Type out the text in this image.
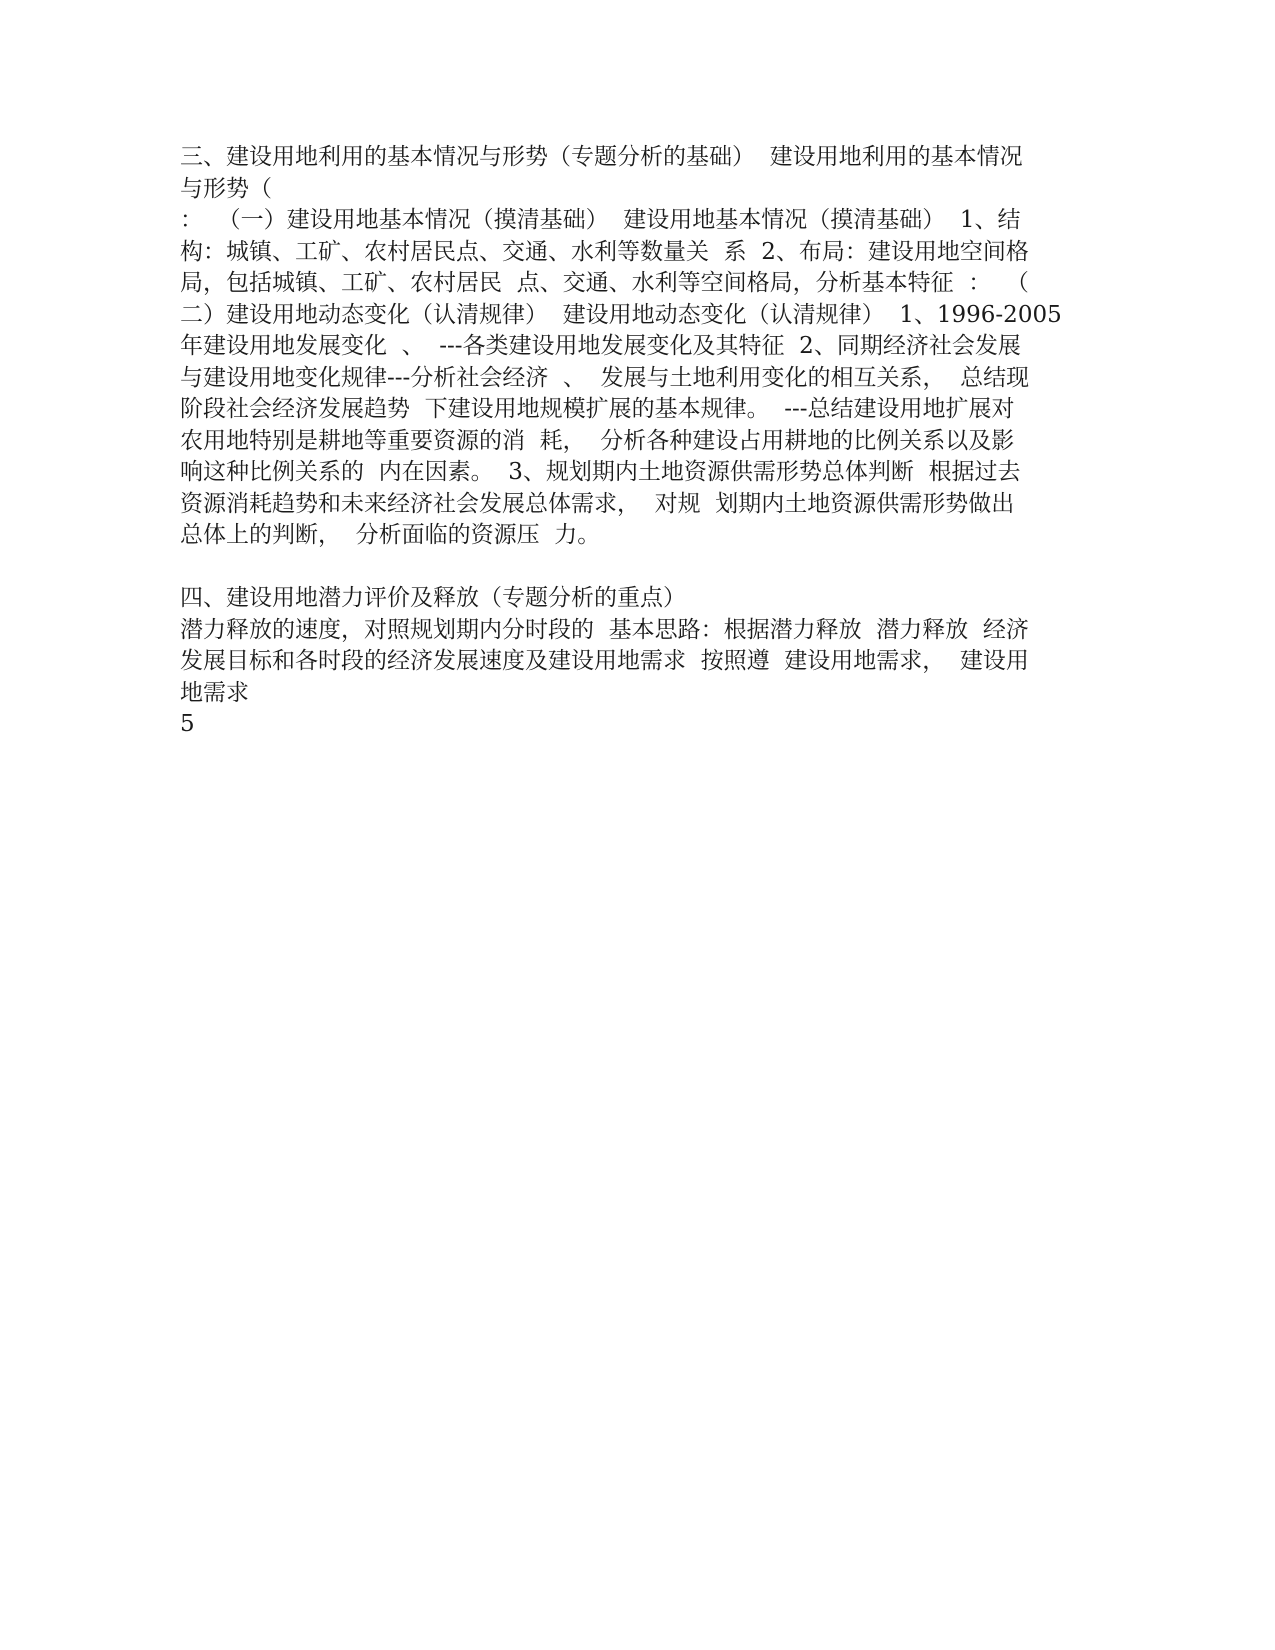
三、建设用地利用的基本情况与形势（专题分析的基础）  建设用地利用的基本情况
与形势（
：  （一）建设用地基本情况（摸清基础）  建设用地基本情况（摸清基础）  1、结
构：城镇、工矿、农村居民点、交通、水利等数量关  系  2、布局：建设用地空间格
局，包括城镇、工矿、农村居民  点、交通、水利等空间格局，分析基本特征  ：  （
二）建设用地动态变化（认清规律）  建设用地动态变化（认清规律）  1、1996-2005
年建设用地发展变化  、  ---各类建设用地发展变化及其特征  2、同期经济社会发展
与建设用地变化规律---分析社会经济  、  发展与土地利用变化的相互关系，  总结现
阶段社会经济发展趋势  下建设用地规模扩展的基本规律。  ---总结建设用地扩展对
农用地特别是耕地等重要资源的消  耗，  分析各种建设占用耕地的比例关系以及影
响这种比例关系的  内在因素。  3、规划期内土地资源供需形势总体判断  根据过去
资源消耗趋势和未来经济社会发展总体需求，  对规  划期内土地资源供需形势做出
总体上的判断，  分析面临的资源压  力。
四、建设用地潜力评价及释放（专题分析的重点）
潜力释放的速度，对照规划期内分时段的  基本思路：根据潜力释放  潜力释放  经济
发展目标和各时段的经济发展速度及建设用地需求  按照遵  建设用地需求，  建设用
地需求
5
